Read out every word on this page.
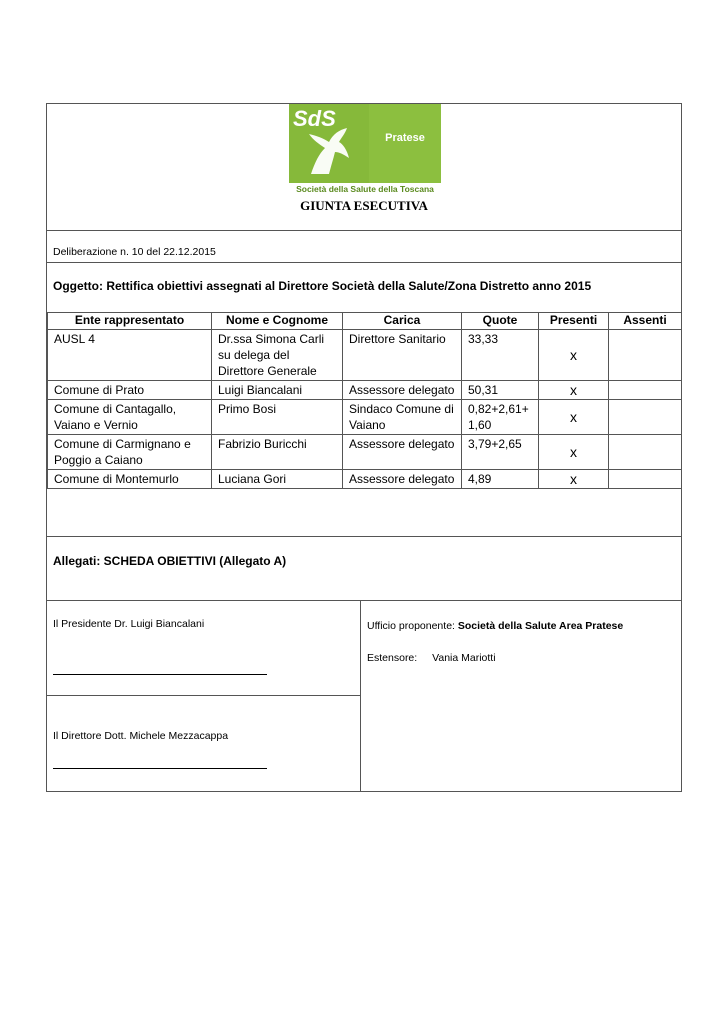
SdS
Pratese
Società della Salute della Toscana
GIUNTA ESECUTIVA
Deliberazione n. 10 del 22.12.2015
Oggetto: Rettifica obiettivi assegnati al Direttore Società della Salute/Zona Distretto anno 2015
Ente rappresentato	Nome e Cognome	Carica	Quote	Presenti	Assenti
AUSL 4	Dr.ssa Simona Carli su delega del Direttore Generale	Direttore Sanitario	33,33	x	
Comune di Prato	Luigi Biancalani	Assessore delegato	50,31	x	
Comune di Cantagallo, Vaiano e Vernio	Primo Bosi	Sindaco Comune di Vaiano	0,82+2,61+ 1,60	x	
Comune di Carmignano e Poggio a Caiano	Fabrizio Buricchi	Assessore delegato	3,79+2,65	x	
Comune di Montemurlo	Luciana Gori	Assessore delegato	4,89	x	
Allegati: SCHEDA OBIETTIVI (Allegato A)
Il Presidente Dr. Luigi Biancalani
Il Direttore Dott. Michele Mezzacappa
Ufficio proponente: Società della Salute Area Pratese
Estensore: Vania Mariotti
